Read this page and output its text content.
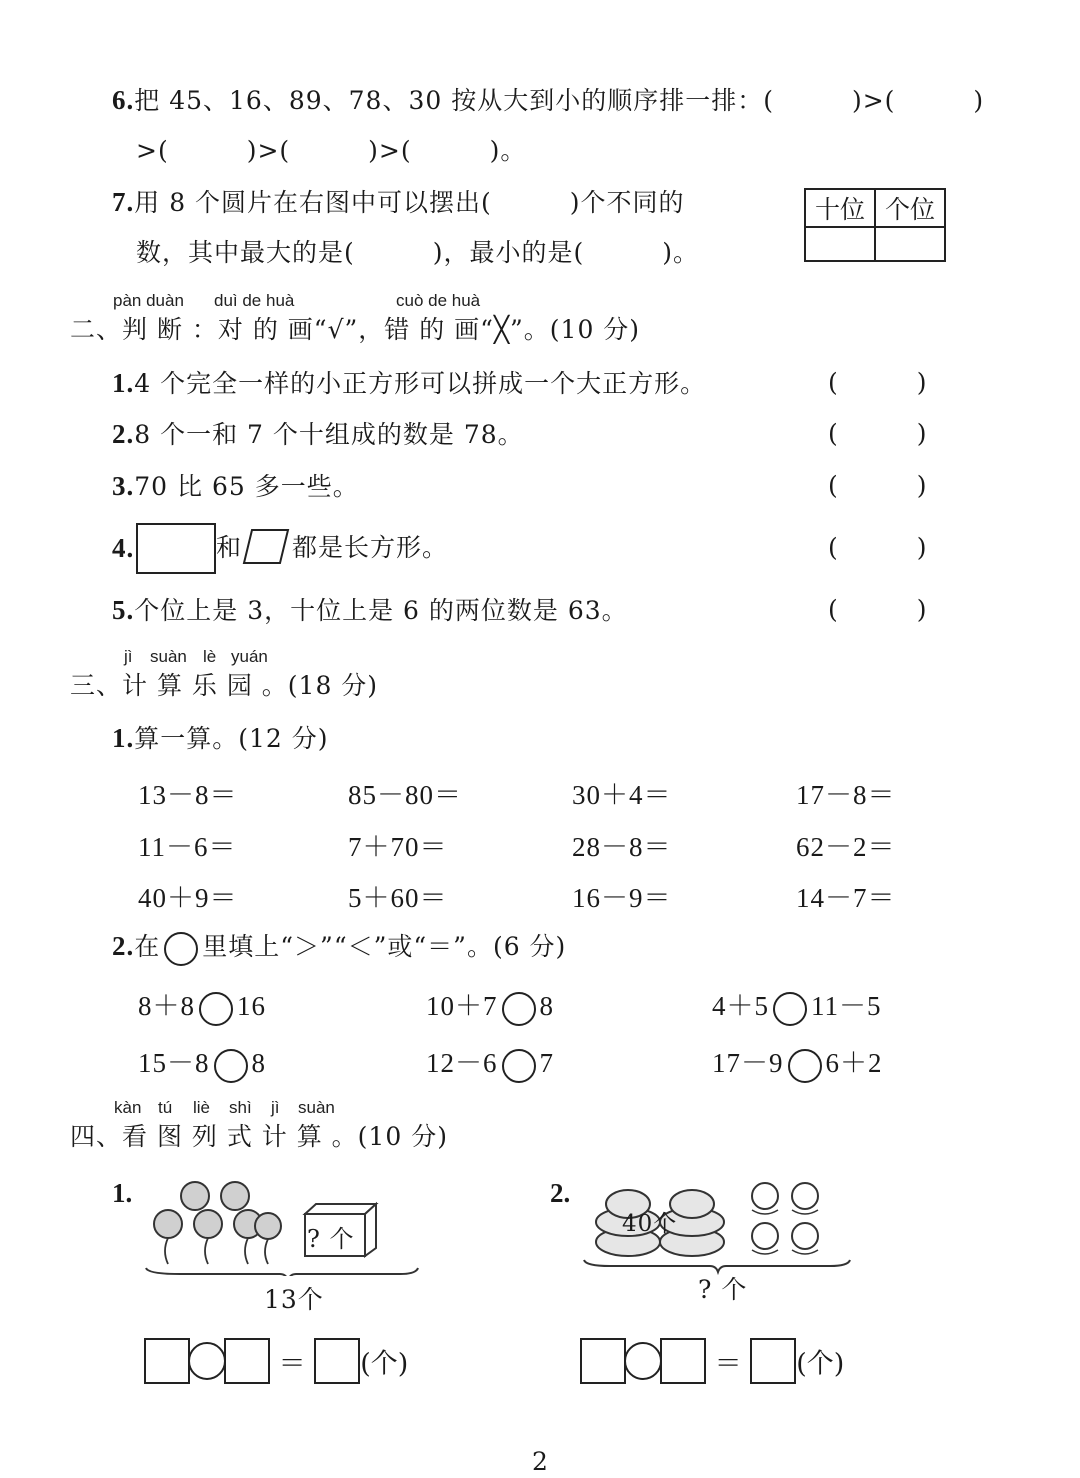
6.把 45、16、89、78、30 按从大到小的顺序排一排：(　　　)>(　　　)
>(　　　)>(　　　)>(　　　)。
7.用 8 个圆片在右图中可以摆出(　　　)个不同的
数，其中最大的是(　　　)，最小的是(　　　)。
十位	个位

pàn duàn duì de huà	cuò de huà
二、判 断 ：对 的 画“√”，错 的 画“╳”。(10 分)
1.4 个完全一样的小正方形可以拼成一个大正方形。	(　　　)
2.8 个一和 7 个十组成的数是 78。	(　　　)
3.70 比 65 多一些。	(　　　)
4.	和 都是长方形。	(　　　)
5.个位上是 3，十位上是 6 的两位数是 63。	(　　　)
jì suàn lè yuán
三、计 算 乐 园 。(18 分)
1.算一算。(12 分)
13－8＝	85－80＝	30＋4＝	17－8＝
11－6＝	7＋70＝	28－8＝	62－2＝
40＋9＝	5＋60＝	16－9＝	14－7＝
2.在 里填上“＞”“＜”或“＝”。(6 分)
8＋8 16	10＋7 8	4＋5 11－5
15－8 8	12－6 7	17－9 6＋2
kàn tú liè shì jì suàn
四、看 图 列 式 计 算 。(10 分)
1.
? 个
13个
＝ (个)
2.
40个
? 个
＝ (个)
2
